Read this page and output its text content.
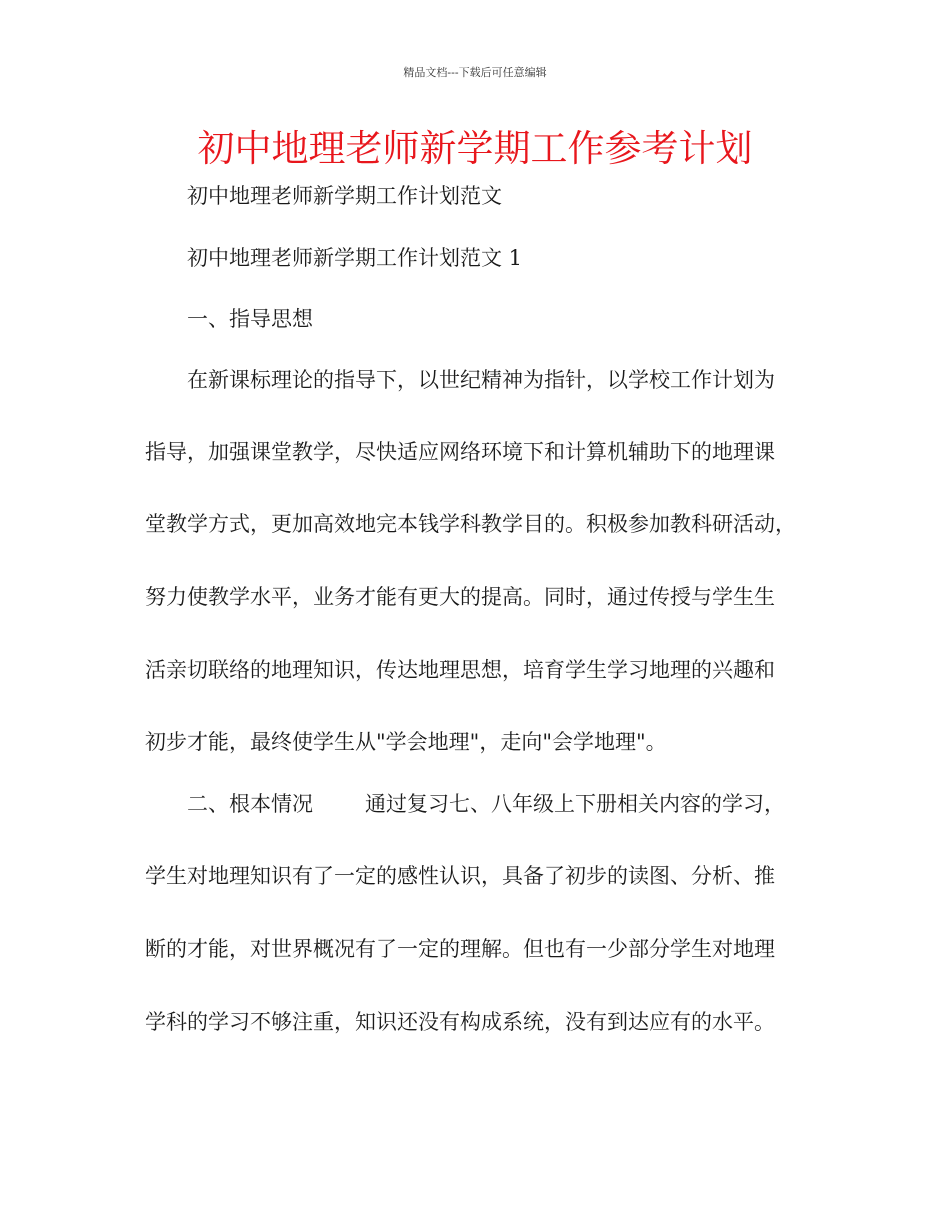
精品文档---下载后可任意编辑
初中地理老师新学期工作参考计划
初中地理老师新学期工作计划范文
初中地理老师新学期工作计划范文 1
一、指导思想
在新课标理论的指导下，以世纪精神为指针，以学校工作计划为
指导，加强课堂教学，尽快适应网络环境下和计算机辅助下的地理课
堂教学方式，更加高效地完本钱学科教学目的。积极参加教科研活动，
努力使教学水平，业务才能有更大的提高。同时，通过传授与学生生
活亲切联络的地理知识，传达地理思想，培育学生学习地理的兴趣和
初步才能，最终使学生从"学会地理"，走向"会学地理"。
二、根本情况	通过复习七、八年级上下册相关内容的学习，
学生对地理知识有了一定的感性认识，具备了初步的读图、分析、推
断的才能，对世界概况有了一定的理解。但也有一少部分学生对地理
学科的学习不够注重，知识还没有构成系统，没有到达应有的水平。
